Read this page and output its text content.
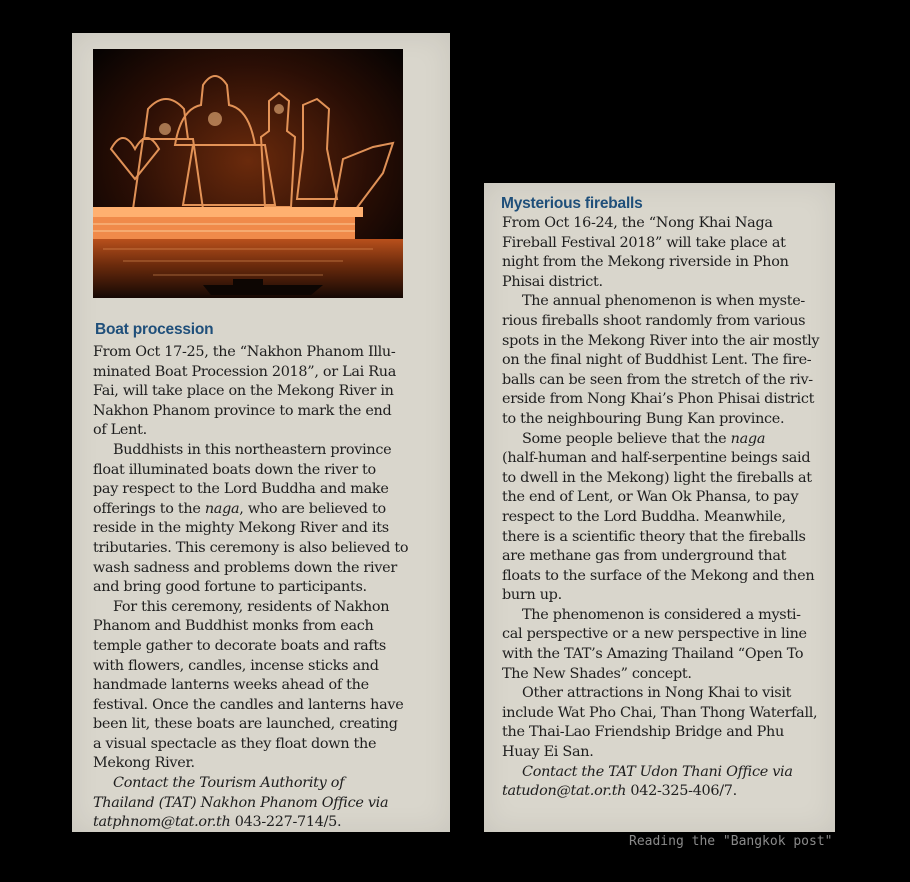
Boat procession
From Oct 17-25, the “Nakhon Phanom Illu-
minated Boat Procession 2018”, or Lai Rua
Fai, will take place on the Mekong River in
Nakhon Phanom province to mark the end
of Lent.
Buddhists in this northeastern province
float illuminated boats down the river to
pay respect to the Lord Buddha and make
offerings to the naga, who are believed to
reside in the mighty Mekong River and its
tributaries. This ceremony is also believed to
wash sadness and problems down the river
and bring good fortune to participants.
For this ceremony, residents of Nakhon
Phanom and Buddhist monks from each
temple gather to decorate boats and rafts
with flowers, candles, incense sticks and
handmade lanterns weeks ahead of the
festival. Once the candles and lanterns have
been lit, these boats are launched, creating
a visual spectacle as they float down the
Mekong River.
Contact the Tourism Authority of
Thailand (TAT) Nakhon Phanom Office via
tatphnom@tat.or.th 043-227-714/5.
Mysterious fireballs
From Oct 16-24, the “Nong Khai Naga
Fireball Festival 2018” will take place at
night from the Mekong riverside in Phon
Phisai district.
The annual phenomenon is when myste-
rious fireballs shoot randomly from various
spots in the Mekong River into the air mostly
on the final night of Buddhist Lent. The fire-
balls can be seen from the stretch of the riv-
erside from Nong Khai’s Phon Phisai district
to the neighbouring Bung Kan province.
Some people believe that the naga
(half-human and half-serpentine beings said
to dwell in the Mekong) light the fireballs at
the end of Lent, or Wan Ok Phansa, to pay
respect to the Lord Buddha. Meanwhile,
there is a scientific theory that the fireballs
are methane gas from underground that
floats to the surface of the Mekong and then
burn up.
The phenomenon is considered a mysti-
cal perspective or a new perspective in line
with the TAT’s Amazing Thailand “Open To
The New Shades” concept.
Other attractions in Nong Khai to visit
include Wat Pho Chai, Than Thong Waterfall,
the Thai-Lao Friendship Bridge and Phu
Huay Ei San.
Contact the TAT Udon Thani Office via
tatudon@tat.or.th 042-325-406/7.
Reading the "Bangkok post"
